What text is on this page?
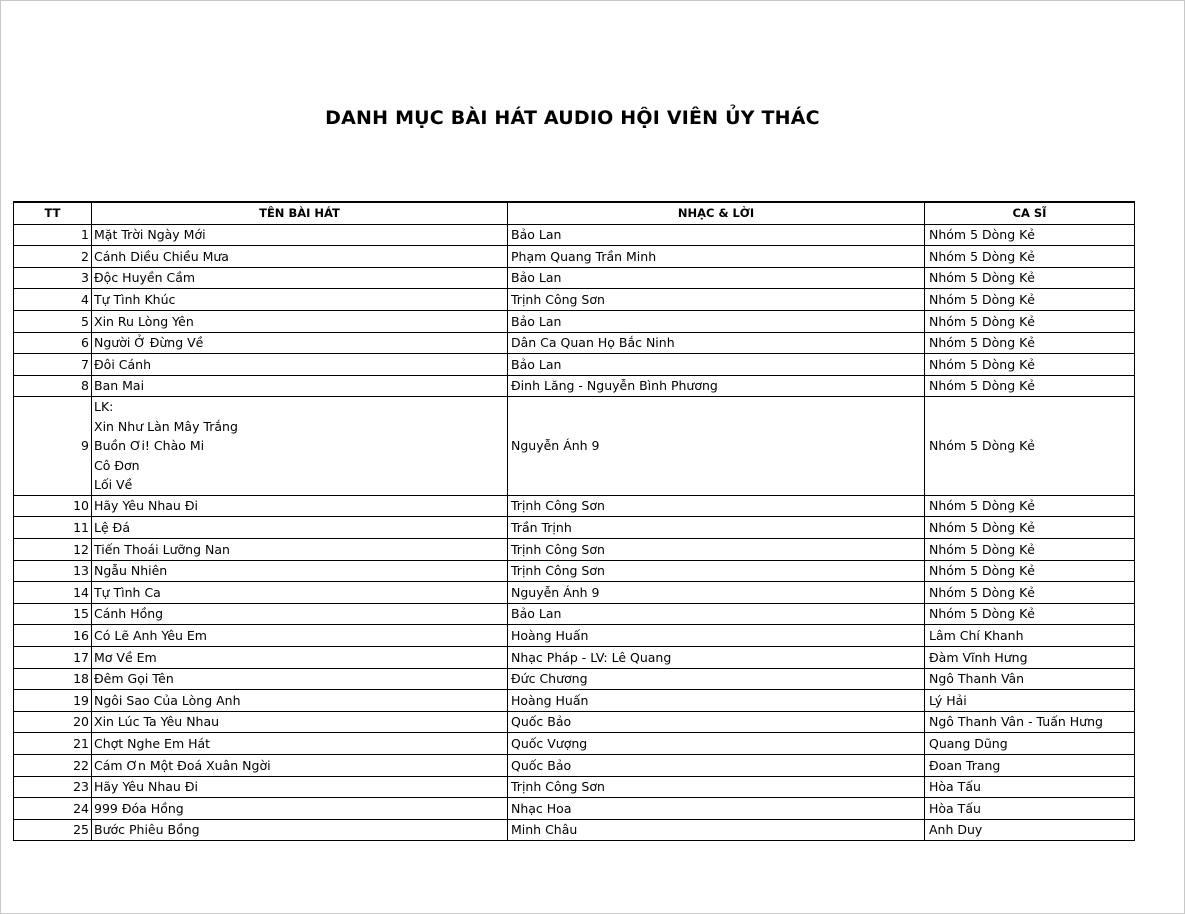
DANH MỤC BÀI HÁT AUDIO HỘI VIÊN ỦY THÁC
TT	TÊN BÀI HÁT	NHẠC & LỜI	CA SĨ
1	Mặt Trời Ngày Mới	Bảo Lan	Nhóm 5 Dòng Kẻ
2	Cánh Diều Chiều Mưa	Phạm Quang Trần Minh	Nhóm 5 Dòng Kẻ
3	Độc Huyền Cầm	Bảo Lan	Nhóm 5 Dòng Kẻ
4	Tự Tình Khúc	Trịnh Công Sơn	Nhóm 5 Dòng Kẻ
5	Xin Ru Lòng Yên	Bảo Lan	Nhóm 5 Dòng Kẻ
6	Người Ở Đừng Về	Dân Ca Quan Họ Bắc Ninh	Nhóm 5 Dòng Kẻ
7	Đôi Cánh	Bảo Lan	Nhóm 5 Dòng Kẻ
8	Ban Mai	Đinh Lăng - Nguyễn Bình Phương	Nhóm 5 Dòng Kẻ
9	LK:
Xin Như Làn Mây Trắng
Buồn Ơi! Chào Mi
Cô Đơn
Lối Về	Nguyễn Ánh 9	Nhóm 5 Dòng Kẻ
10	Hãy Yêu Nhau Đi	Trịnh Công Sơn	Nhóm 5 Dòng Kẻ
11	Lệ Đá	Trần Trịnh	Nhóm 5 Dòng Kẻ
12	Tiến Thoái Lưỡng Nan	Trịnh Công Sơn	Nhóm 5 Dòng Kẻ
13	Ngẫu Nhiên	Trịnh Công Sơn	Nhóm 5 Dòng Kẻ
14	Tự Tình Ca	Nguyễn Ánh 9	Nhóm 5 Dòng Kẻ
15	Cánh Hồng	Bảo Lan	Nhóm 5 Dòng Kẻ
16	Có Lẽ Anh Yêu Em	Hoàng Huấn	Lâm Chí Khanh
17	Mơ Về Em	Nhạc Pháp - LV: Lê Quang	Đàm Vĩnh Hưng
18	Đêm Gọi Tên	Đức Chương	Ngô Thanh Vân
19	Ngôi Sao Của Lòng Anh	Hoàng Huấn	Lý Hải
20	Xin Lúc Ta Yêu Nhau	Quốc Bảo	Ngô Thanh Vân - Tuấn Hưng
21	Chợt Nghe Em Hát	Quốc Vượng	Quang Dũng
22	Cám Ơn Một Đoá Xuân Ngời	Quốc Bảo	Đoan Trang
23	Hãy Yêu Nhau Đi	Trịnh Công Sơn	Hòa Tấu
24	999 Đóa Hồng	Nhạc Hoa	Hòa Tấu
25	Bước Phiêu Bồng	Minh Châu	Anh Duy
